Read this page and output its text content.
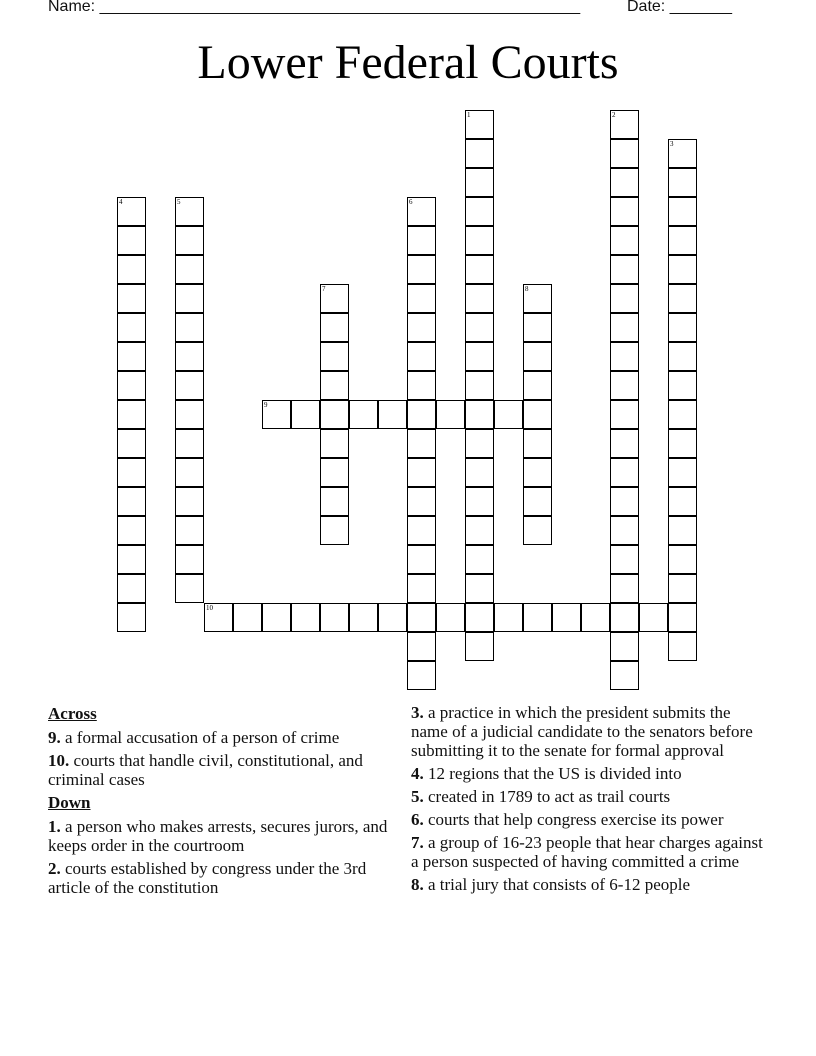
Name: ______________________________________________________	Date: _______
Lower Federal Courts
1	2
3
4	5	6
7	8
9
10
Across
9. a formal accusation of a person of crime
10. courts that handle civil, constitutional, and criminal cases
Down
1. a person who makes arrests, secures jurors, and keeps order in the courtroom
2. courts established by congress under the 3rd article of the constitution
3. a practice in which the president submits the name of a judicial candidate to the senators before submitting it to the senate for formal approval
4. 12 regions that the US is divided into
5. created in 1789 to act as trail courts
6. courts that help congress exercise its power
7. a group of 16-23 people that hear charges against a person suspected of having committed a crime
8. a trial jury that consists of 6-12 people
